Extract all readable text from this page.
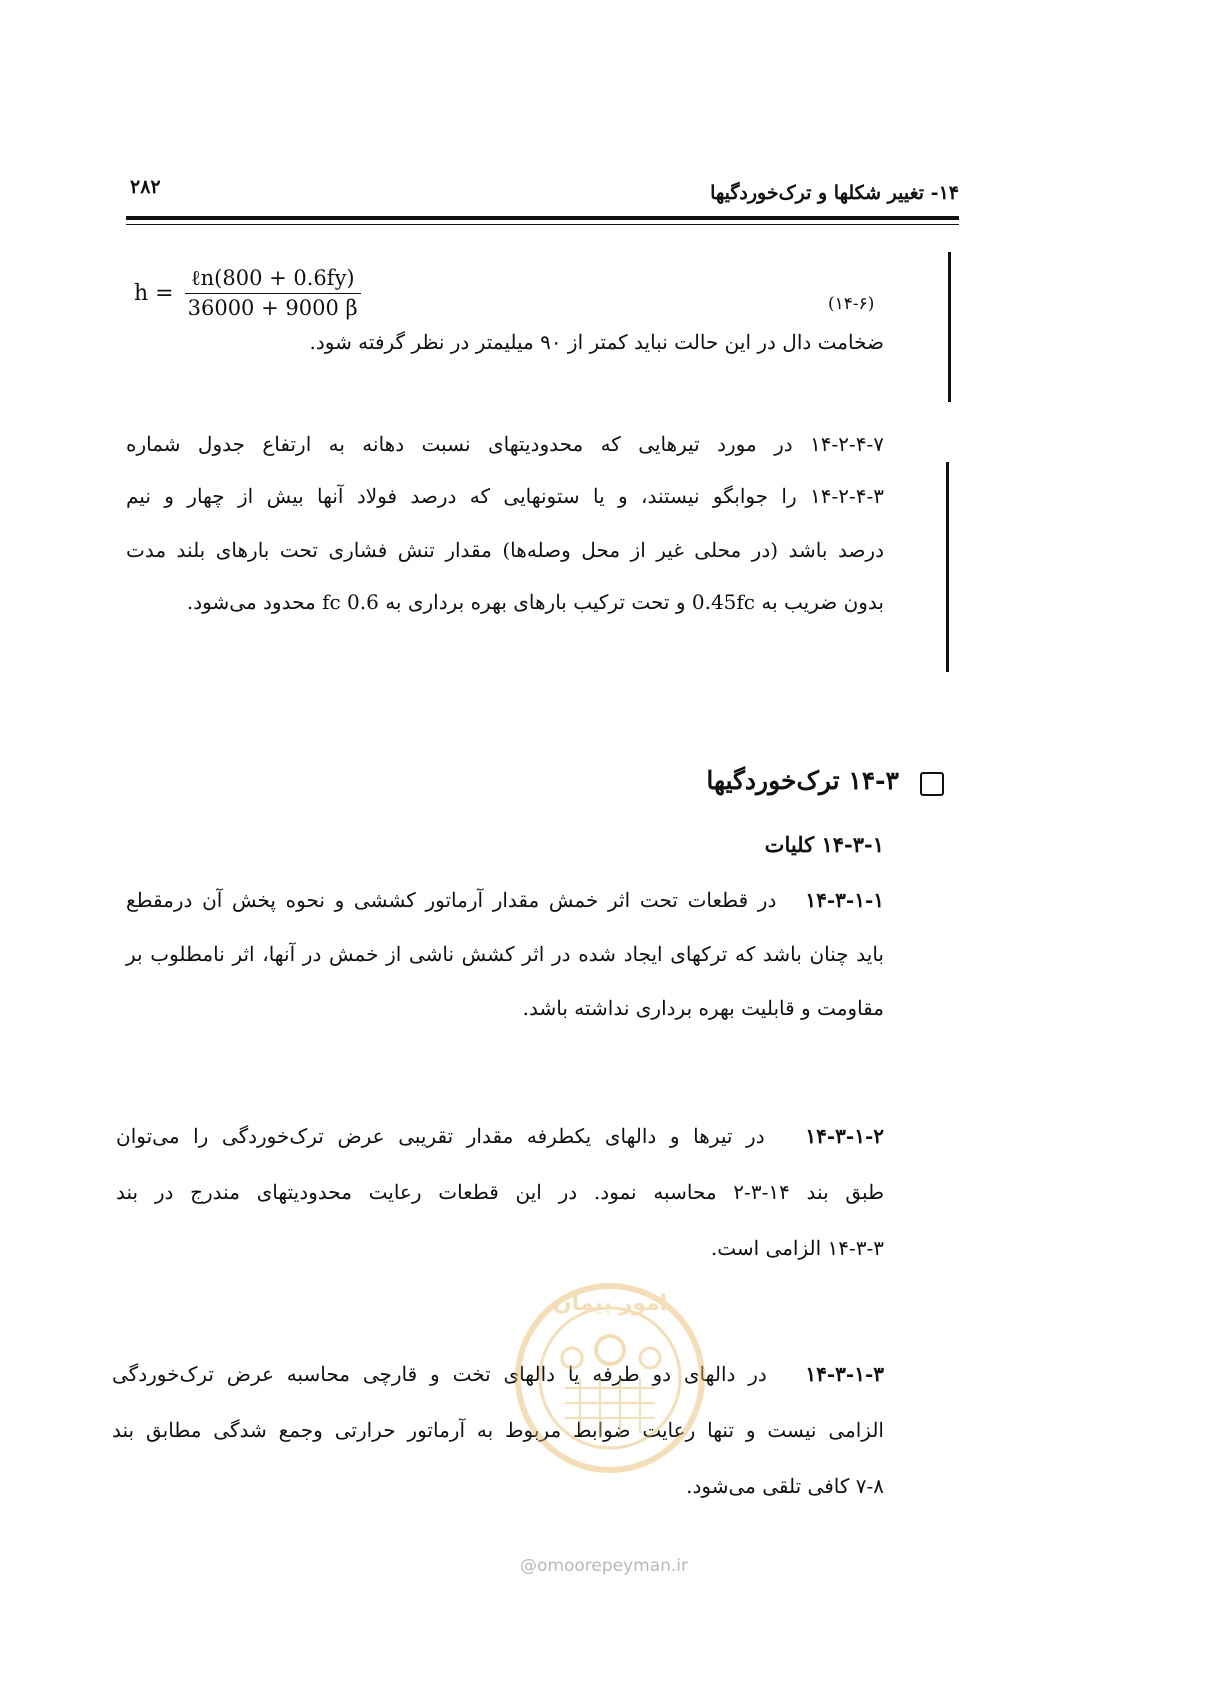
۲۸۲	۱۴- تغییر شکلها و ترک‌خوردگیها
$h = \frac{\text{ℓn(800 + 0.6fy)}}{36000 + 9000 \beta}$	(۱۴-۶)
ضخامت دال در این حالت نباید کمتر از ۹۰ میلیمتر در نظر گرفته شود.
۱۴-۲-۴-۷ در مورد تیرهایی که محدودیتهای نسبت دهانه به ارتفاع جدول شماره
۱۴-۲-۴-۳ را جوابگو نیستند، و یا ستونهایی که درصد فولاد آنها بیش از چهار و نیم
درصد باشد (در محلی غیر از محل وصله‌ها) مقدار تنش فشاری تحت بارهای بلند مدت
بدون ضریب به 0.45fc و تحت ترکیب بارهای بهره برداری به 0.6 fc محدود می‌شود.
۱۴-۳ ترک‌خوردگیها
۱۴-۳-۱ کلیات
۱۴-۳-۱-۱   در قطعات تحت اثر خمش مقدار آرماتور کششی و نحوه پخش آن درمقطع
باید چنان باشد که ترکهای ایجاد شده در اثر کشش ناشی از خمش در آنها، اثر نامطلوب بر
مقاومت و قابلیت بهره برداری نداشته باشد.
۱۴-۳-۱-۲   در تیرها و دالهای یکطرفه مقدار تقریبی عرض ترک‌خوردگی را می‌توان
طبق بند ۱۴-۳-۲ محاسبه نمود. در این قطعات رعایت محدودیتهای مندرج در بند
۱۴-۳-۳ الزامی است.
۱۴-۳-۱-۳   در دالهای دو طرفه یا دالهای تخت و قارچی محاسبه عرض ترک‌خوردگی
الزامی نیست و تنها رعایت ضوابط مربوط به آرماتور حرارتی وجمع شدگی مطابق بند
۷-۸ کافی تلقی می‌شود.
امور پیمان
@omoorepeyman.ir
